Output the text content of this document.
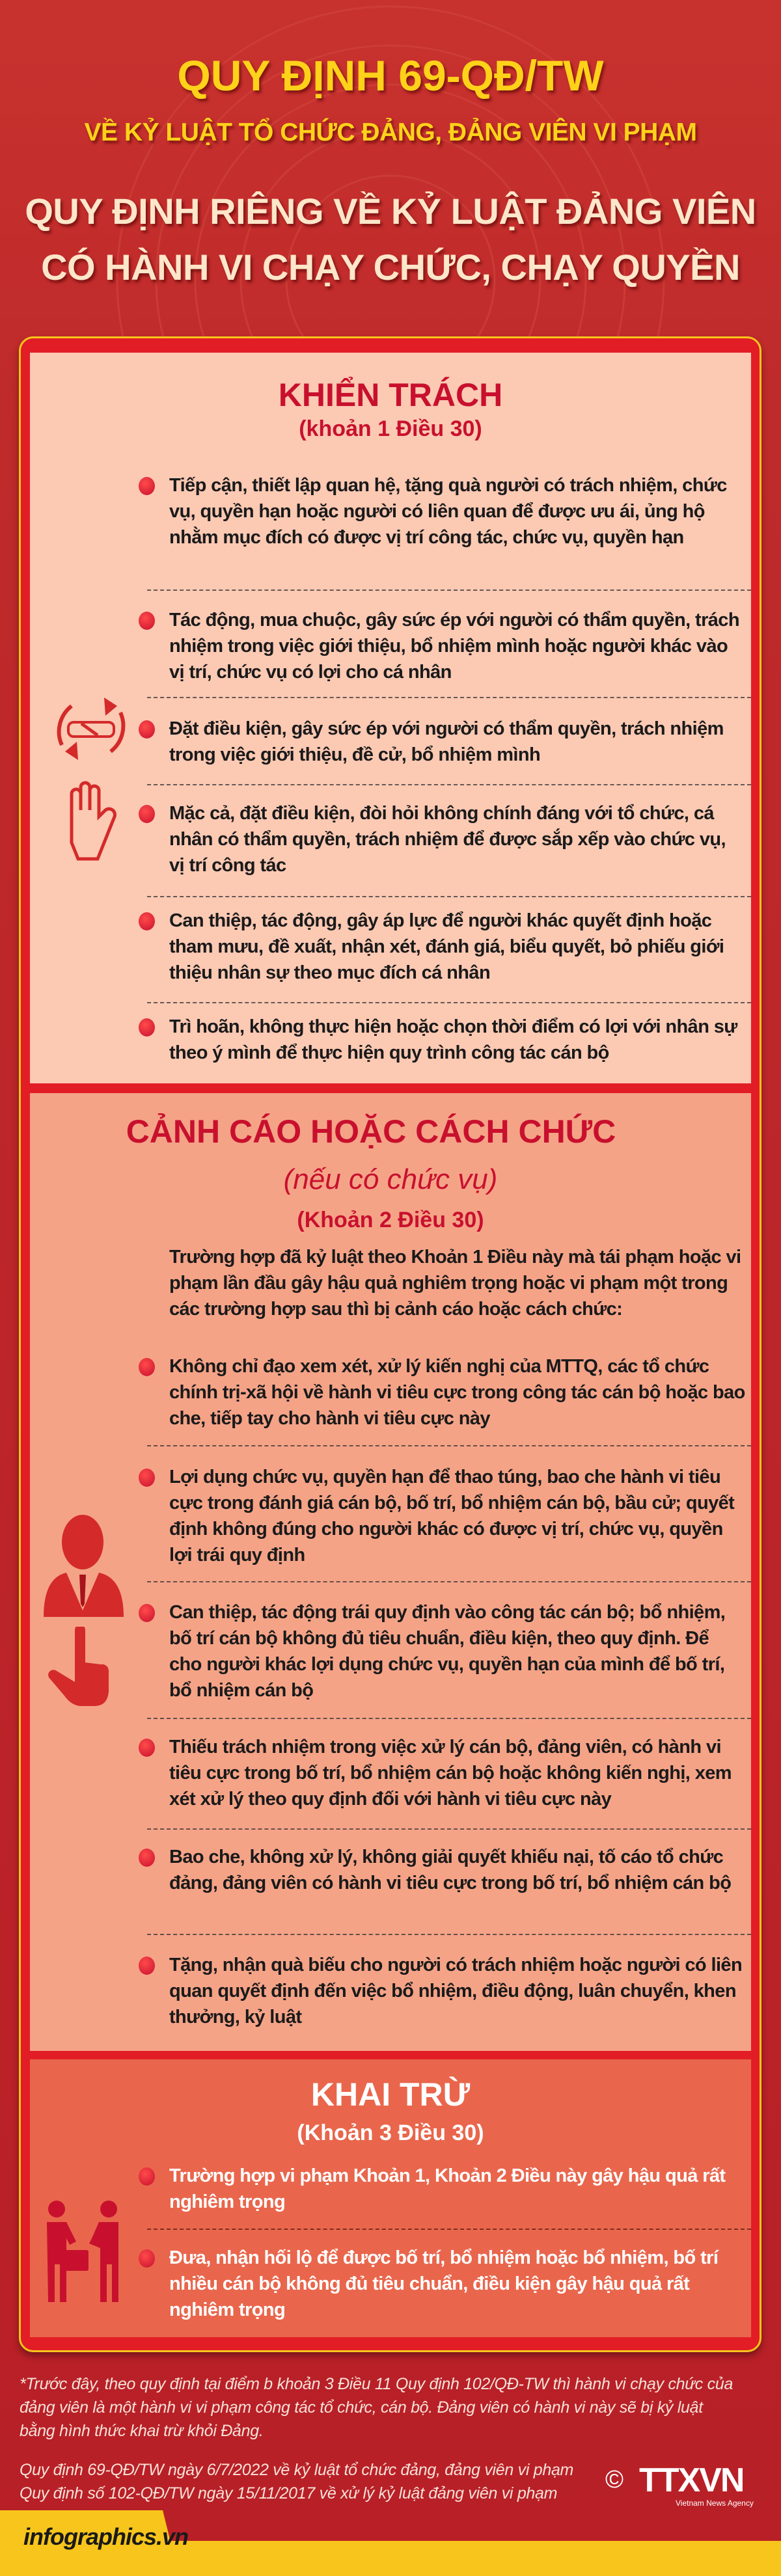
QUY ĐỊNH 69-QĐ/TW
VỀ KỶ LUẬT TỔ CHỨC ĐẢNG, ĐẢNG VIÊN VI PHẠM
QUY ĐỊNH RIÊNG VỀ KỶ LUẬT ĐẢNG VIÊN
CÓ HÀNH VI CHẠY CHỨC, CHẠY QUYỀN
KHIỂN TRÁCH
(khoản 1 Điều 30)
Tiếp cận, thiết lập quan hệ, tặng quà người có trách nhiệm, chức vụ, quyền hạn hoặc người có liên quan để được ưu ái, ủng hộ nhằm mục đích có được vị trí công tác, chức vụ, quyền hạn
Tác động, mua chuộc, gây sức ép với người có thẩm quyền, trách nhiệm trong việc giới thiệu, bổ nhiệm mình hoặc người khác vào vị trí, chức vụ có lợi cho cá nhân
Đặt điều kiện, gây sức ép với người có thẩm quyền, trách nhiệm trong việc giới thiệu, đề cử, bổ nhiệm mình
Mặc cả, đặt điều kiện, đòi hỏi không chính đáng với tổ chức, cá nhân có thẩm quyền, trách nhiệm để được sắp xếp vào chức vụ, vị trí công tác
Can thiệp, tác động, gây áp lực để người khác quyết định hoặc tham mưu, đề xuất, nhận xét, đánh giá, biểu quyết, bỏ phiếu giới thiệu nhân sự theo mục đích cá nhân
Trì hoãn, không thực hiện hoặc chọn thời điểm có lợi với nhân sự theo ý mình để thực hiện quy trình công tác cán bộ
CẢNH CÁO HOẶC CÁCH CHỨC
(nếu có chức vụ)
(Khoản 2 Điều 30)
Trường hợp đã kỷ luật theo Khoản 1 Điều này mà tái phạm hoặc vi phạm lần đầu gây hậu quả nghiêm trọng hoặc vi phạm một trong các trường hợp sau thì bị cảnh cáo hoặc cách chức:
Không chỉ đạo xem xét, xử lý kiến nghị của MTTQ, các tổ chức chính trị-xã hội về hành vi tiêu cực trong công tác cán bộ hoặc bao che, tiếp tay cho hành vi tiêu cực này
Lợi dụng chức vụ, quyền hạn để thao túng, bao che hành vi tiêu cực trong đánh giá cán bộ, bố trí, bổ nhiệm cán bộ, bầu cử; quyết định không đúng cho người khác có được vị trí, chức vụ, quyền lợi trái quy định
Can thiệp, tác động trái quy định vào công tác cán bộ; bổ nhiệm, bố trí cán bộ không đủ tiêu chuẩn, điều kiện, theo quy định. Để cho người khác lợi dụng chức vụ, quyền hạn của mình để bố trí, bổ nhiệm cán bộ
Thiếu trách nhiệm trong việc xử lý cán bộ, đảng viên, có hành vi tiêu cực trong bố trí, bổ nhiệm cán bộ hoặc không kiến nghị, xem xét xử lý theo quy định đối với hành vi tiêu cực này
Bao che, không xử lý, không giải quyết khiếu nại, tố cáo tổ chức đảng, đảng viên có hành vi tiêu cực trong bố trí, bổ nhiệm cán bộ
Tặng, nhận quà biếu cho người có trách nhiệm hoặc người có liên quan quyết định đến việc bổ nhiệm, điều động, luân chuyển, khen thưởng, kỷ luật
KHAI TRỪ
(Khoản 3 Điều 30)
Trường hợp vi phạm Khoản 1, Khoản 2 Điều này gây hậu quả rất nghiêm trọng
Đưa, nhận hối lộ để được bố trí, bổ nhiệm hoặc bổ nhiệm, bố trí nhiều cán bộ không đủ tiêu chuẩn, điều kiện gây hậu quả rất nghiêm trọng
*Trước đây, theo quy định tại điểm b khoản 3 Điều 11 Quy định 102/QĐ-TW thì hành vi chạy chức của đảng viên là một hành vi vi phạm công tác tổ chức, cán bộ. Đảng viên có hành vi này sẽ bị kỷ luật bằng hình thức khai trừ khỏi Đảng.
Quy định 69-QĐ/TW ngày 6/7/2022 về kỷ luật tổ chức đảng, đảng viên vi phạm
Quy định số 102-QĐ/TW ngày 15/11/2017 về xử lý kỷ luật đảng viên vi phạm	© TTXVN
Vietnam News Agency
infographics.vn
